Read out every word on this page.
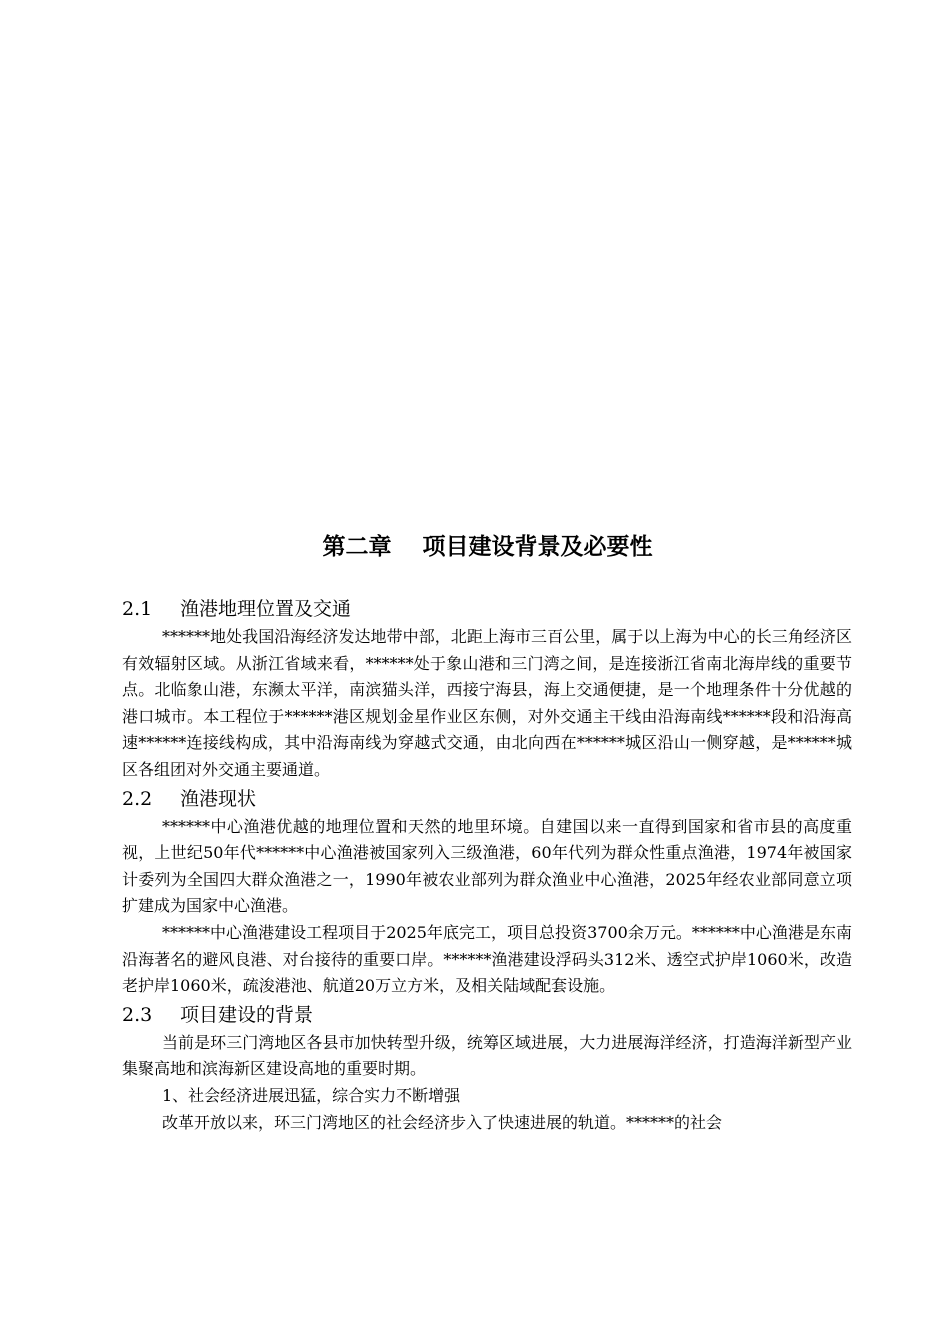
第二章　 项目建设背景及必要性
2.1 渔港地理位置及交通

******地处我国沿海经济发达地带中部，北距上海市三百公里，属于以上海为中心的长三角经济区有效辐射区域。从浙江省域来看，******处于象山港和三门湾之间，是连接浙江省南北海岸线的重要节点。北临象山港，东濒太平洋，南滨猫头洋，西接宁海县，海上交通便捷，是一个地理条件十分优越的港口城市。本工程位于******港区规划金星作业区东侧，对外交通主干线由沿海南线******段和沿海高速******连接线构成，其中沿海南线为穿越式交通，由北向西在******城区沿山一侧穿越，是******城区各组团对外交通主要通道。

2.2 渔港现状

******中心渔港优越的地理位置和天然的地里环境。自建国以来一直得到国家和省市县的高度重视，上世纪50年代******中心渔港被国家列入三级渔港，60年代列为群众性重点渔港，1974年被国家计委列为全国四大群众渔港之一，1990年被农业部列为群众渔业中心渔港，2025年经农业部同意立项扩建成为国家中心渔港。

******中心渔港建设工程项目于2025年底完工，项目总投资3700余万元。******中心渔港是东南沿海著名的避风良港、对台接待的重要口岸。******渔港建设浮码头312米、透空式护岸1060米，改造老护岸1060米，疏浚港池、航道20万立方米，及相关陆域配套设施。

2.3 项目建设的背景

当前是环三门湾地区各县市加快转型升级，统筹区域进展，大力进展海洋经济，打造海洋新型产业集聚高地和滨海新区建设高地的重要时期。

1、社会经济进展迅猛，综合实力不断增强

改革开放以来，环三门湾地区的社会经济步入了快速进展的轨道。******的社会
